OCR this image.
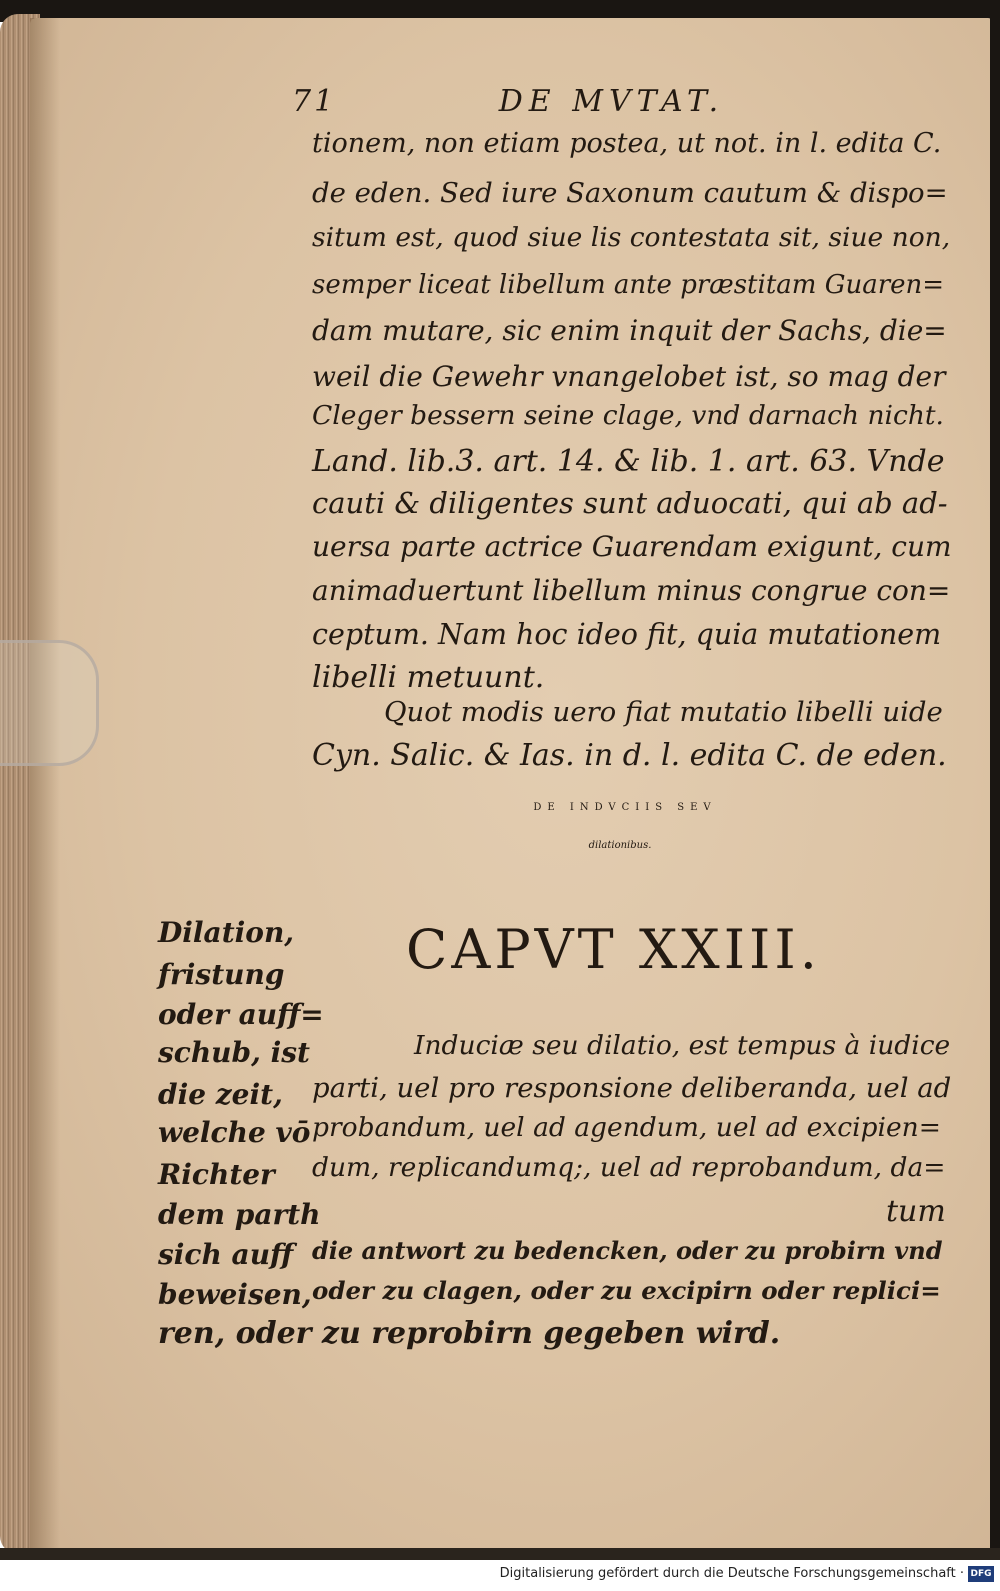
71	DE MVTAT.
tionem, non etiam postea, ut not. in l. edita C.
de eden. Sed iure Saxonum cautum & dispo=
situm est, quod siue lis contestata sit, siue non,
semper liceat libellum ante præstitam Guaren=
dam mutare, sic enim inquit der Sachs, die=
weil die Gewehr vnangelobet ist, so mag der
Cleger bessern seine clage, vnd darnach nicht.
Land. lib.3. art. 14. & lib. 1. art. 63. Vnde
cauti & diligentes sunt aduocati, qui ab ad-
uersa parte actrice Guarendam exigunt, cum
animaduertunt libellum minus congrue con=
ceptum. Nam hoc ideo fit, quia mutationem
libelli metuunt.
Quot modis uero fiat mutatio libelli uide
Cyn. Salic. & Ias. in d. l. edita C. de eden.
DE INDVCIIS SEV
dilationibus.
CAPVT XXIII.
Dilation,
fristung
oder auff=
schub, ist
die zeit,
welche vō
Richter
dem parth
sich auff
beweisen,
Induciæ seu dilatio, est tempus à iudice
parti, uel pro responsione deliberanda, uel ad
probandum, uel ad agendum, uel ad excipien=
dum, replicandumq;, uel ad reprobandum, da=
tum
die antwort zu bedencken, oder zu probirn vnd
oder zu clagen, oder zu excipirn oder replici=
ren, oder zu reprobirn gegeben wird.
Digitalisierung gefördert durch die Deutsche Forschungsgemeinschaft · DFG
